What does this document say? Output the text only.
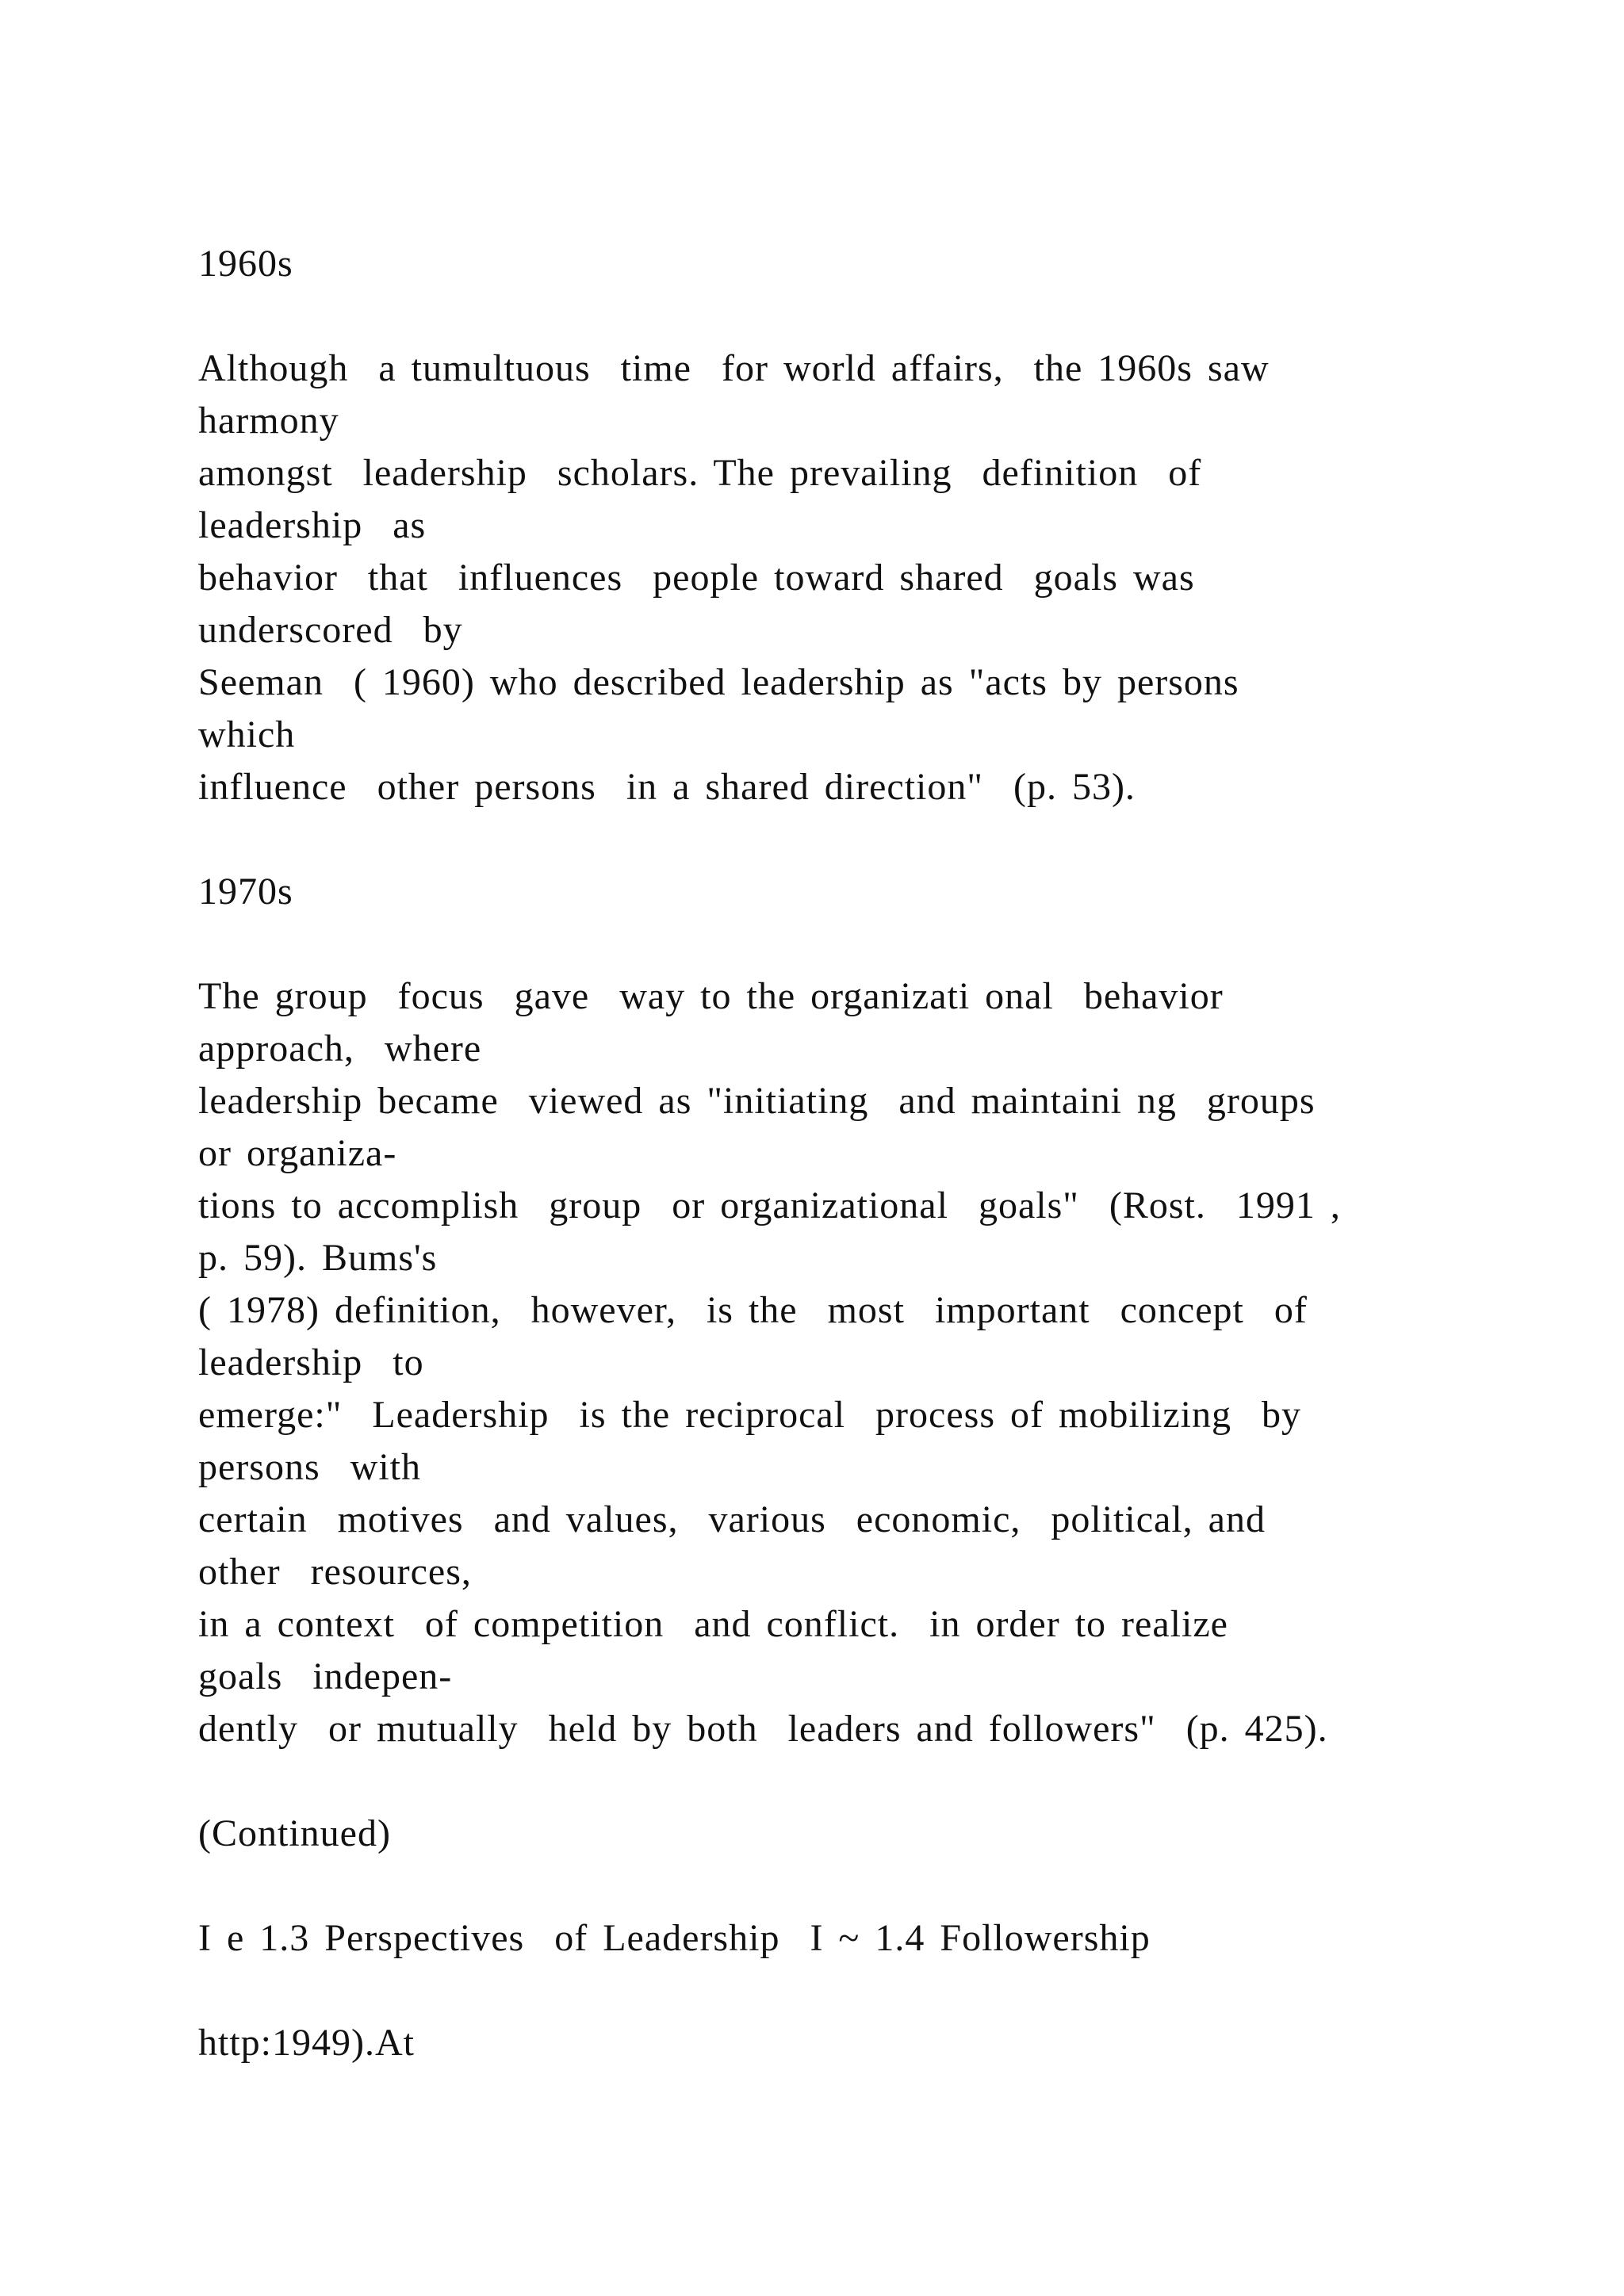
1960s
Although  a tumultuous  time  for world affairs,  the 1960s saw
harmony
amongst  leadership  scholars. The prevailing  definition  of
leadership  as
behavior  that  influences  people toward shared  goals was
underscored  by
Seeman  ( 1960) who described leadership as "acts by persons
which
influence  other persons  in a shared direction"  (p. 53).
1970s
The group  focus  gave  way to the organizati onal  behavior
approach,  where
leadership became  viewed as "initiating  and maintaini ng  groups
or organiza-
tions to accomplish  group  or organizational  goals"  (Rost.  1991 ,
p. 59). Bums's
( 1978) definition,  however,  is the  most  important  concept  of
leadership  to
emerge:"  Leadership  is the reciprocal  process of mobilizing  by
persons  with
certain  motives  and values,  various  economic,  political, and
other  resources,
in a context  of competition  and conflict.  in order to realize
goals  indepen-
dently  or mutually  held by both  leaders and followers"  (p. 425).
(Continued)
I e 1.3 Perspectives  of Leadership  I ~ 1.4 Followership
http:1949).At
